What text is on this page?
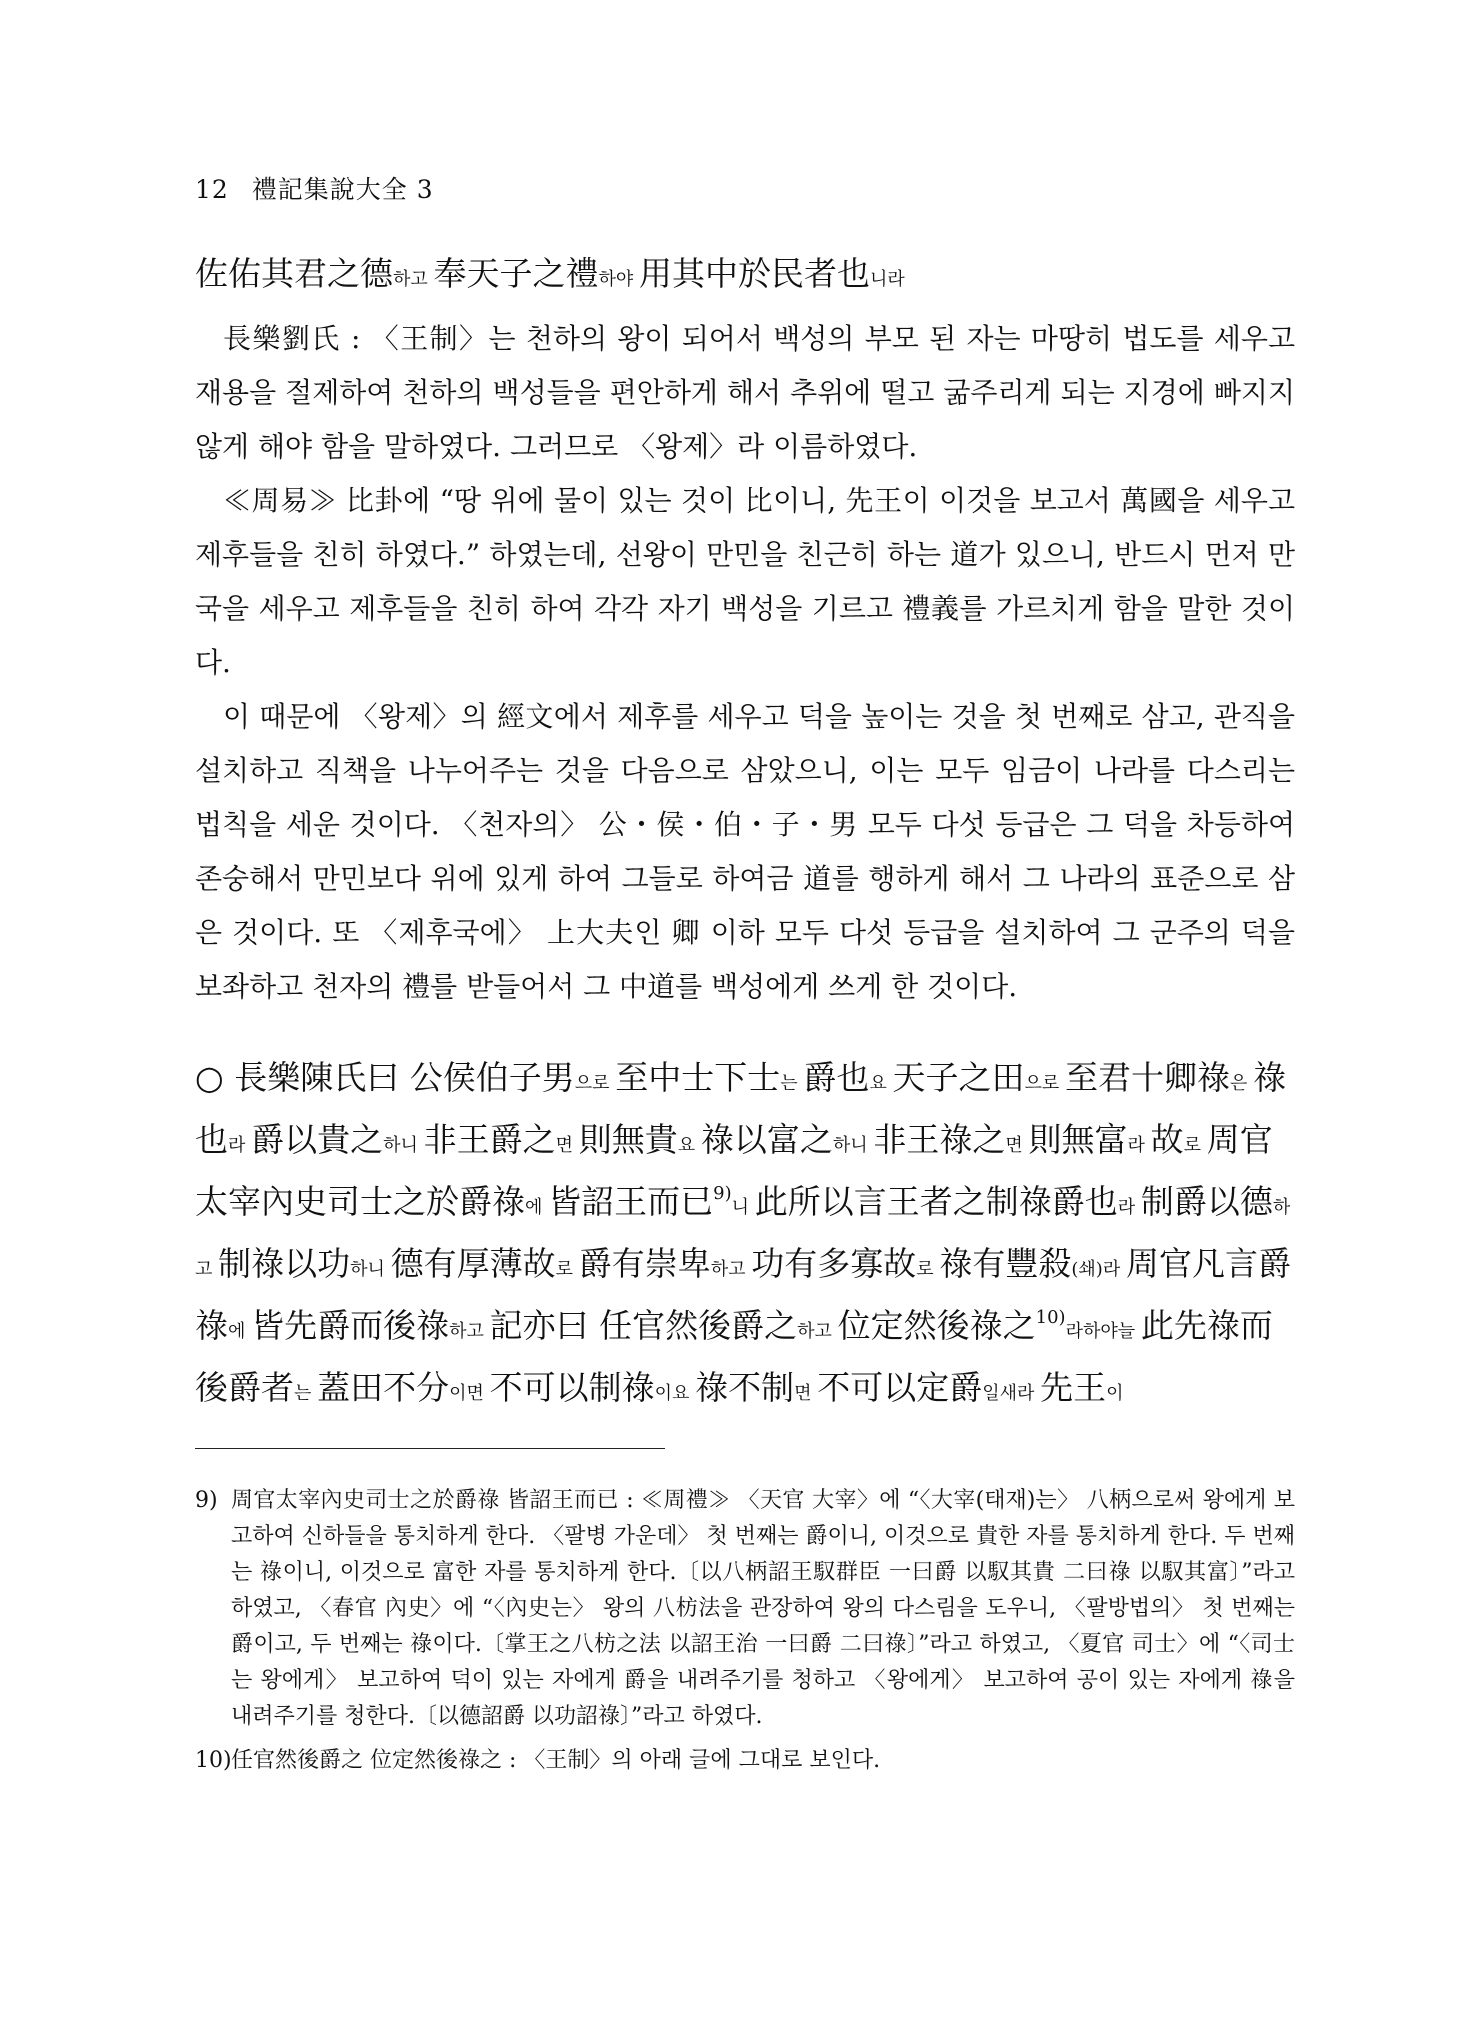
12 禮記集說大全 3

佐佑其君之德하고 奉天子之禮하야 用其中於民者也니라

長樂劉氏 : 〈王制〉는 천하의 왕이 되어서 백성의 부모 된 자는 마땅히 법도를 세우고 재용을 절제하여 천하의 백성들을 편안하게 해서 추위에 떨고 굶주리게 되는 지경에 빠지지 않게 해야 함을 말하였다. 그러므로 〈왕제〉라 이름하였다.

≪周易≫ 比卦에 “땅 위에 물이 있는 것이 比이니, 先王이 이것을 보고서 萬國을 세우고 제후들을 친히 하였다.” 하였는데, 선왕이 만민을 친근히 하는 道가 있으니, 반드시 먼저 만국을 세우고 제후들을 친히 하여 각각 자기 백성을 기르고 禮義를 가르치게 함을 말한 것이다.

이 때문에 〈왕제〉의 經文에서 제후를 세우고 덕을 높이는 것을 첫 번째로 삼고, 관직을 설치하고 직책을 나누어주는 것을 다음으로 삼았으니, 이는 모두 임금이 나라를 다스리는 법칙을 세운 것이다. 〈천자의〉 公・侯・伯・子・男 모두 다섯 등급은 그 덕을 차등하여 존숭해서 만민보다 위에 있게 하여 그들로 하여금 道를 행하게 해서 그 나라의 표준으로 삼은 것이다. 또 〈제후국에〉 上大夫인 卿 이하 모두 다섯 등급을 설치하여 그 군주의 덕을 보좌하고 천자의 禮를 받들어서 그 中道를 백성에게 쓰게 한 것이다.

○ 長樂陳氏曰 公侯伯子男으로 至中士下士는 爵也요 天子之田으로 至君十卿祿은 祿也라 爵以貴之하니 非王爵之면 則無貴요 祿以富之하니 非王祿之면 則無富라 故로 周官太宰內史司士之於爵祿에 皆詔王而已$^{9)}$니 此所以言王者之制祿爵也라 制爵以德하고 制祿以功하니 德有厚薄故로 爵有崇卑하고 功有多寡故로 祿有豐殺(쇄)라 周官凡言爵祿에 皆先爵而後祿하고 記亦曰 任官然後爵之하고 位定然後祿之$^{10)}$라하야늘 此先祿而後爵者는 蓋田不分이면 不可以制祿이요 祿不制면 不可以定爵일새라 先王이

9) 周官太宰內史司士之於爵祿 皆詔王而已 : ≪周禮≫ 〈天官 大宰〉에 “〈大宰(태재)는〉 八柄으로써 왕에게 보고하여 신하들을 통치하게 한다. 〈팔병 가운데〉 첫 번째는 爵이니, 이것으로 貴한 자를 통치하게 한다. 두 번째는 祿이니, 이것으로 富한 자를 통치하게 한다.〔以八柄詔王馭群臣 一曰爵 以馭其貴 二曰祿 以馭其富〕”라고 하였고, 〈春官 內史〉에 “〈內史는〉 왕의 八枋法을 관장하여 왕의 다스림을 도우니, 〈팔방법의〉 첫 번째는 爵이고, 두 번째는 祿이다.〔掌王之八枋之法 以詔王治 一曰爵 二曰祿〕”라고 하였고, 〈夏官 司士〉에 “〈司士는 왕에게〉 보고하여 덕이 있는 자에게 爵을 내려주기를 청하고 〈왕에게〉 보고하여 공이 있는 자에게 祿을 내려주기를 청한다.〔以德詔爵 以功詔祿〕”라고 하였다.
10) 任官然後爵之 位定然後祿之 : 〈王制〉의 아래 글에 그대로 보인다.
